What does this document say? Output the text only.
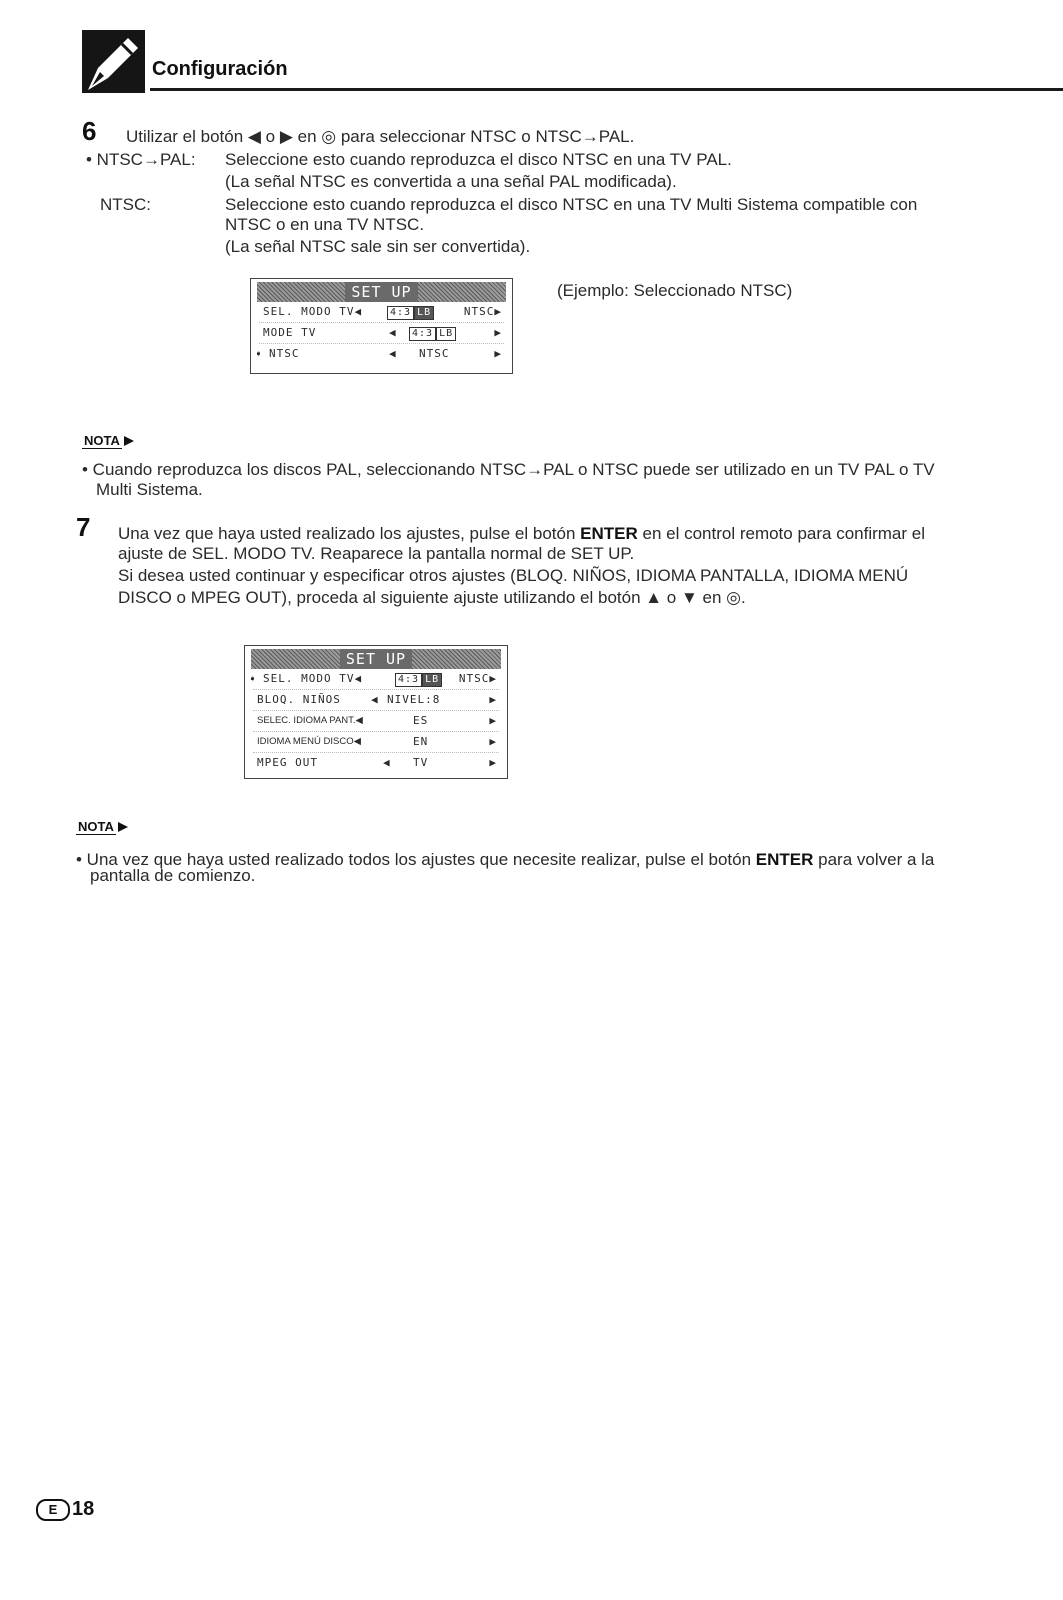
Configuración
6 Utilizar el botón ◀ o ▶ en ◎ para seleccionar NTSC o NTSC→PAL.
• NTSC→PAL: Seleccione esto cuando reproduzca el disco NTSC en una TV PAL.
(La señal NTSC es convertida a una señal PAL modificada).
NTSC:	Seleccione esto cuando reproduzca el disco NTSC en una TV Multi Sistema compatible con
NTSC o en una TV NTSC.
(La señal NTSC sale sin ser convertida).
SET UP
SEL. MODO TV◀	4:3 LB	NTSC▶
MODE TV	◀	4:3 LB	▶
➧ NTSC	◀ NTSC	▶
(Ejemplo: Seleccionado NTSC)
NOTA
• Cuando reproduzca los discos PAL, seleccionando NTSC→PAL o NTSC puede ser utilizado en un TV PAL o TV
Multi Sistema.
7 Una vez que haya usted realizado los ajustes, pulse el botón ENTER en el control remoto para confirmar el
ajuste de SEL. MODO TV. Reaparece la pantalla normal de SET UP.
Si desea usted continuar y especificar otros ajustes (BLOQ. NIÑOS, IDIOMA PANTALLA, IDIOMA MENÚ
DISCO o MPEG OUT), proceda al siguiente ajuste utilizando el botón ▲ o ▼ en ◎.
SET UP
➧ SEL. MODO TV◀	4:3 LB NTSC▶
BLOQ. NIÑOS	◀ NIVEL:8	▶
SELEC. IDIOMA PANT.◀	ES	▶
IDIOMA MENÚ DISCO◀	EN	▶
MPEG OUT	◀ TV	▶
NOTA
• Una vez que haya usted realizado todos los ajustes que necesite realizar, pulse el botón ENTER para volver a la
pantalla de comienzo.
E 18
